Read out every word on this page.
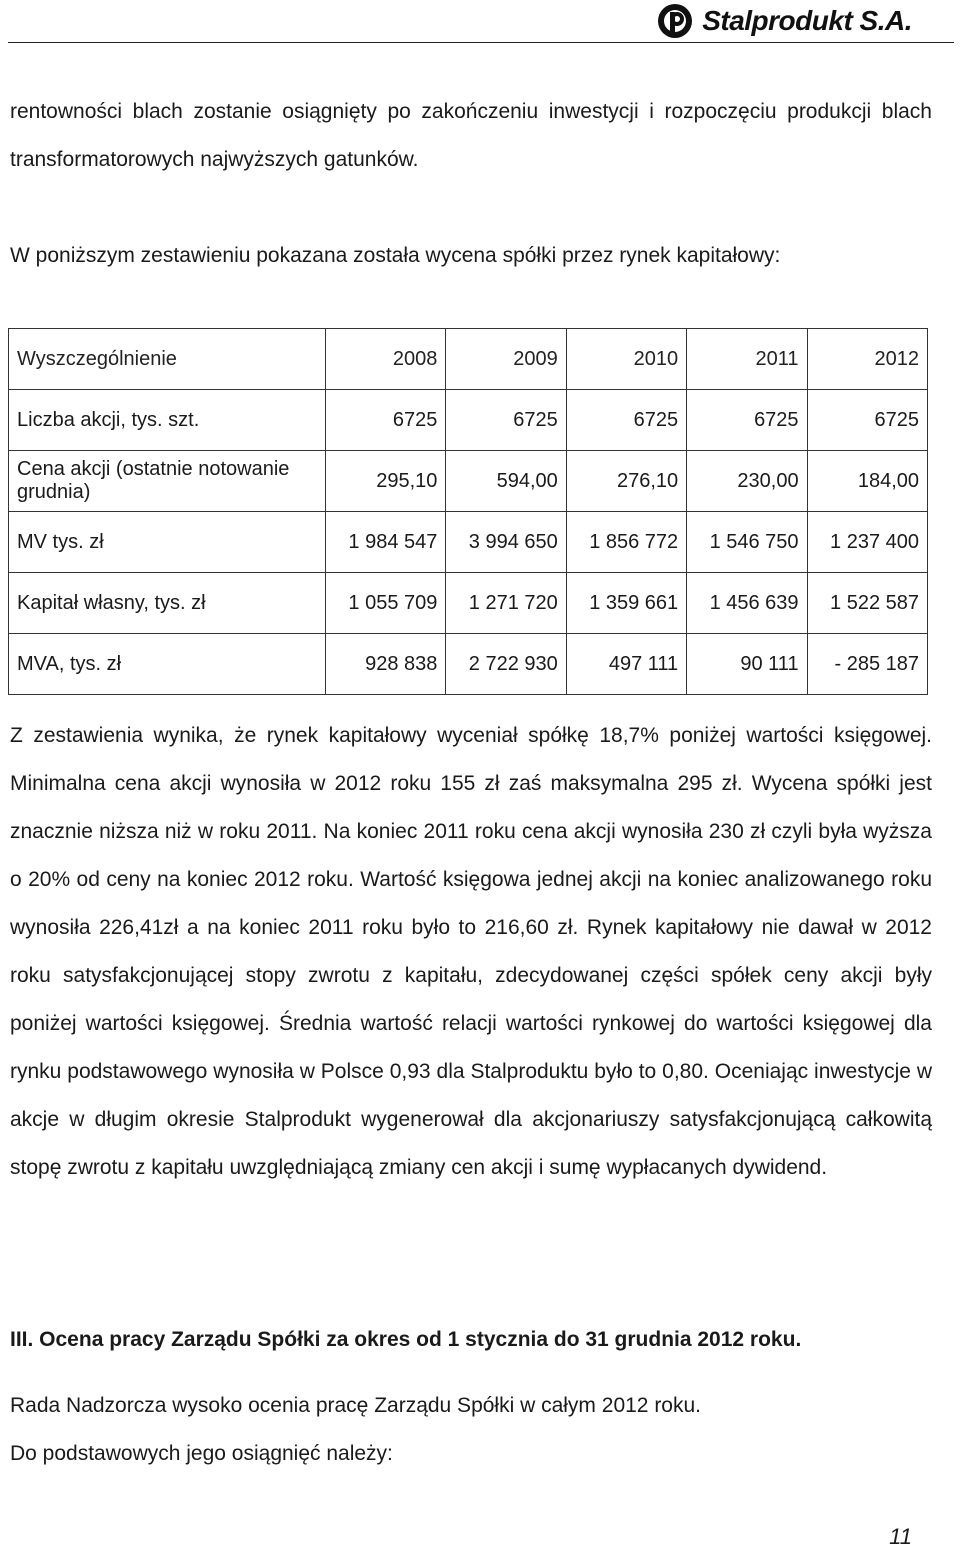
Stalprodukt S.A.

rentowności blach zostanie osiągnięty po zakończeniu inwestycji i rozpoczęciu produkcji blach transformatorowych najwyższych gatunków.

W poniższym zestawieniu pokazana została wycena spółki przez rynek kapitałowy:

Wyszczególnienie	2008	2009	2010	2011	2012
Liczba akcji, tys. szt.	6725	6725	6725	6725	6725
Cena akcji (ostatnie notowanie grudnia)	295,10	594,00	276,10	230,00	184,00
MV tys. zł	1 984 547	3 994 650	1 856 772	1 546 750	1 237 400
Kapitał własny, tys. zł	1 055 709	1 271 720	1 359 661	1 456 639	1 522 587
MVA, tys. zł	928 838	2 722 930	497 111	90 111	- 285 187

Z zestawienia wynika, że rynek kapitałowy wyceniał spółkę 18,7% poniżej wartości księgowej. Minimalna cena akcji wynosiła w 2012 roku 155 zł zaś maksymalna 295 zł. Wycena spółki jest znacznie niższa niż w roku 2011. Na koniec 2011 roku cena akcji wynosiła 230 zł czyli była wyższa o 20% od ceny na koniec 2012 roku. Wartość księgowa jednej akcji na koniec analizowanego roku wynosiła 226,41zł a na koniec 2011 roku było to 216,60 zł. Rynek kapitałowy nie dawał w 2012 roku satysfakcjonującej stopy zwrotu z kapitału, zdecydowanej części spółek ceny akcji były poniżej wartości księgowej. Średnia wartość relacji wartości rynkowej do wartości księgowej dla rynku podstawowego wynosiła w Polsce 0,93 dla Stalproduktu było to 0,80. Oceniając inwestycje w akcje w długim okresie Stalprodukt wygenerował dla akcjonariuszy satysfakcjonującą całkowitą stopę zwrotu z kapitału uwzględniającą zmiany cen akcji i sumę wypłacanych dywidend.

III. Ocena pracy Zarządu Spółki za okres od 1 stycznia do 31 grudnia 2012 roku.

Rada Nadzorcza wysoko ocenia pracę Zarządu Spółki w całym 2012 roku.
Do podstawowych jego osiągnięć należy:
11
